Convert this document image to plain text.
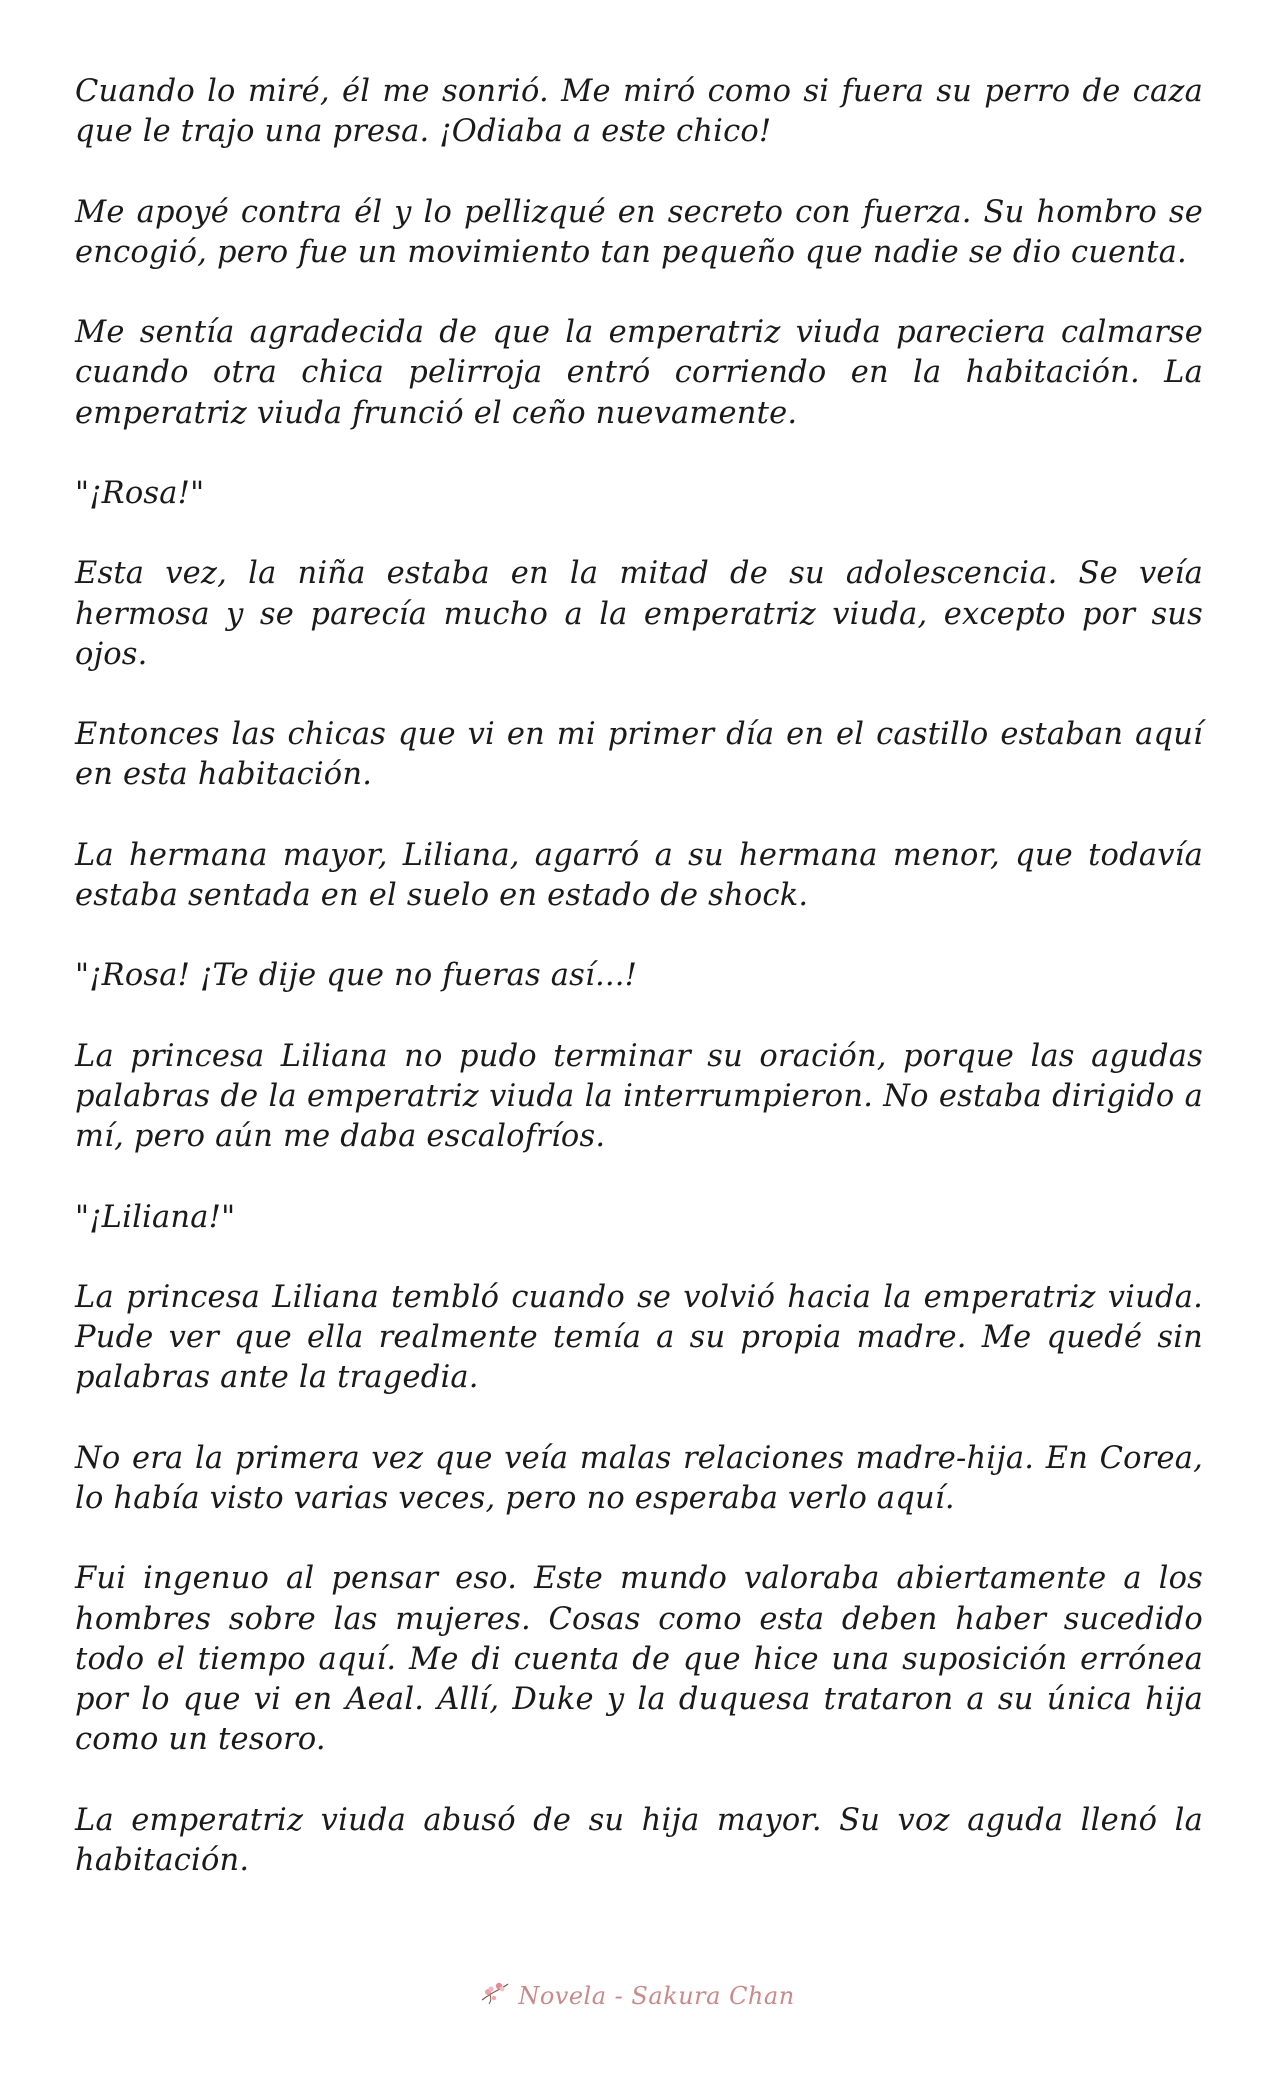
Cuando lo miré, él me sonrió. Me miró como si fuera su perro de caza que le trajo una presa. ¡Odiaba a este chico!

Me apoyé contra él y lo pellizqué en secreto con fuerza. Su hombro se encogió, pero fue un movimiento tan pequeño que nadie se dio cuenta.

Me sentía agradecida de que la emperatriz viuda pareciera calmarse cuando otra chica pelirroja entró corriendo en la habitación. La emperatriz viuda frunció el ceño nuevamente.

"¡Rosa!"

Esta vez, la niña estaba en la mitad de su adolescencia. Se veía hermosa y se parecía mucho a la emperatriz viuda, excepto por sus ojos.

Entonces las chicas que vi en mi primer día en el castillo estaban aquí en esta habitación.

La hermana mayor, Liliana, agarró a su hermana menor, que todavía estaba sentada en el suelo en estado de shock.

"¡Rosa! ¡Te dije que no fueras así...!

La princesa Liliana no pudo terminar su oración, porque las agudas palabras de la emperatriz viuda la interrumpieron. No estaba dirigido a mí, pero aún me daba escalofríos.

"¡Liliana!"

La princesa Liliana tembló cuando se volvió hacia la emperatriz viuda. Pude ver que ella realmente temía a su propia madre. Me quedé sin palabras ante la tragedia.

No era la primera vez que veía malas relaciones madre-hija. En Corea, lo había visto varias veces, pero no esperaba verlo aquí.

Fui ingenuo al pensar eso. Este mundo valoraba abiertamente a los hombres sobre las mujeres. Cosas como esta deben haber sucedido todo el tiempo aquí. Me di cuenta de que hice una suposición errónea por lo que vi en Aeal. Allí, Duke y la duquesa trataron a su única hija como un tesoro.

La emperatriz viuda abusó de su hija mayor. Su voz aguda llenó la habitación.

Novela - Sakura Chan
